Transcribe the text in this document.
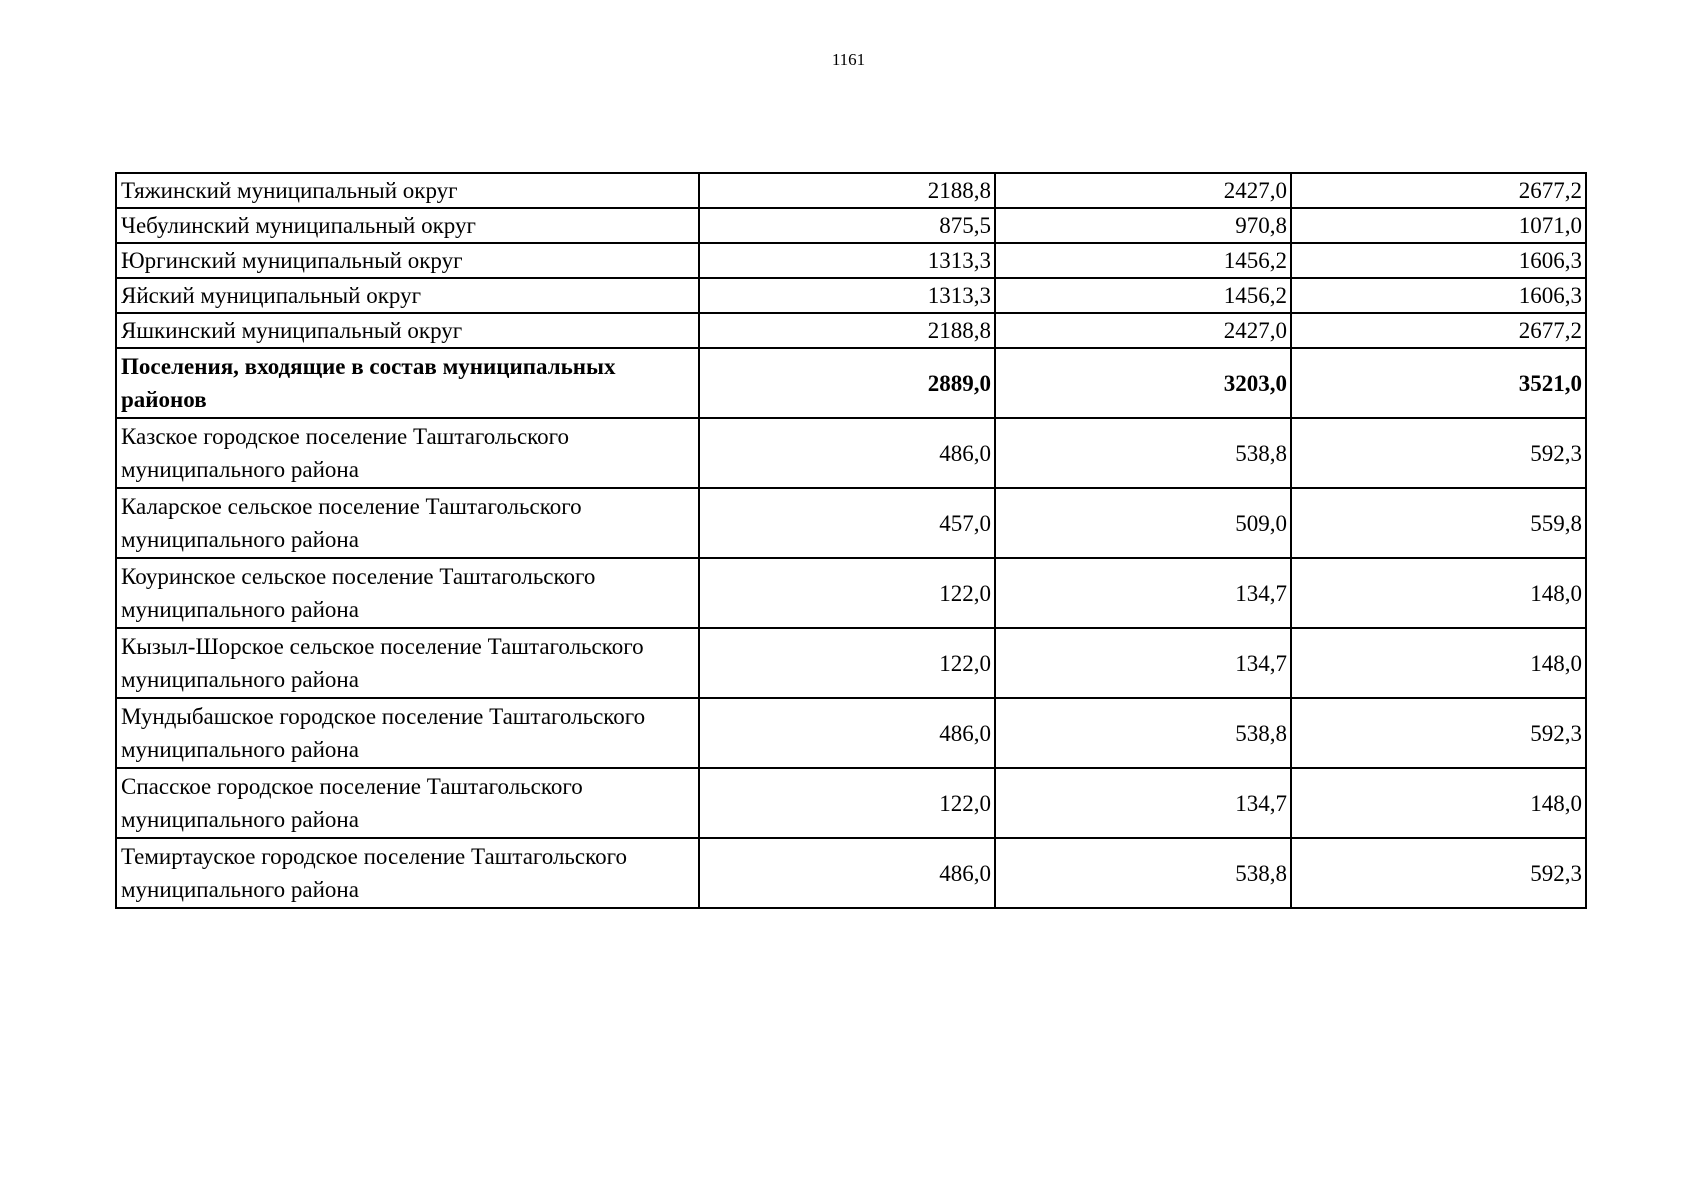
1161
Тяжинский муниципальный округ	2188,8	2427,0	2677,2
Чебулинский муниципальный округ	875,5	970,8	1071,0
Юргинский муниципальный округ	1313,3	1456,2	1606,3
Яйский муниципальный округ	1313,3	1456,2	1606,3
Яшкинский муниципальный округ	2188,8	2427,0	2677,2
Поселения, входящие в состав муниципальных районов	2889,0	3203,0	3521,0
Казское городское поселение Таштагольского муниципального района	486,0	538,8	592,3
Каларское сельское поселение Таштагольского муниципального района	457,0	509,0	559,8
Коуринское сельское поселение Таштагольского муниципального района	122,0	134,7	148,0
Кызыл-Шорское сельское поселение Таштагольского муниципального района	122,0	134,7	148,0
Мундыбашское городское поселение Таштагольского муниципального района	486,0	538,8	592,3
Спасское городское поселение Таштагольского муниципального района	122,0	134,7	148,0
Темиртауское городское поселение Таштагольского муниципального района	486,0	538,8	592,3
